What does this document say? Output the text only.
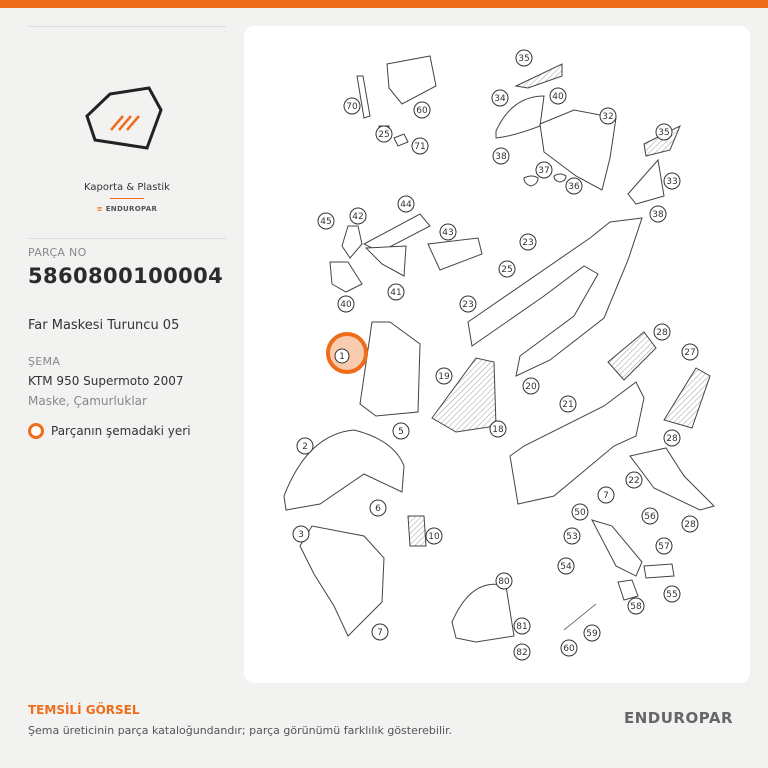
Kaporta & Plastik
≡ ENDUROPAR
PARÇA NO
5860800100004
Far Maskesi Turuncu 05
ŞEMA
KTM 950 Supermoto 2007
Maske, Çamurluklar
Parçanın şemadaki yeri
35
70	60
34	40
32
25
71
35
38
37
36	33
38
44
45 42
43
23
25
41
40	23
28
27
19
20
21
18
5
2
28
22
7
6	50	56
28
3	10	53
57
54
80
55
58
81
7	59
82	60
1
TEMSİLİ GÖRSEL
Şema üreticinin parça kataloğundandır; parça görünümü farklılık gösterebilir.
ENDUROPAR
